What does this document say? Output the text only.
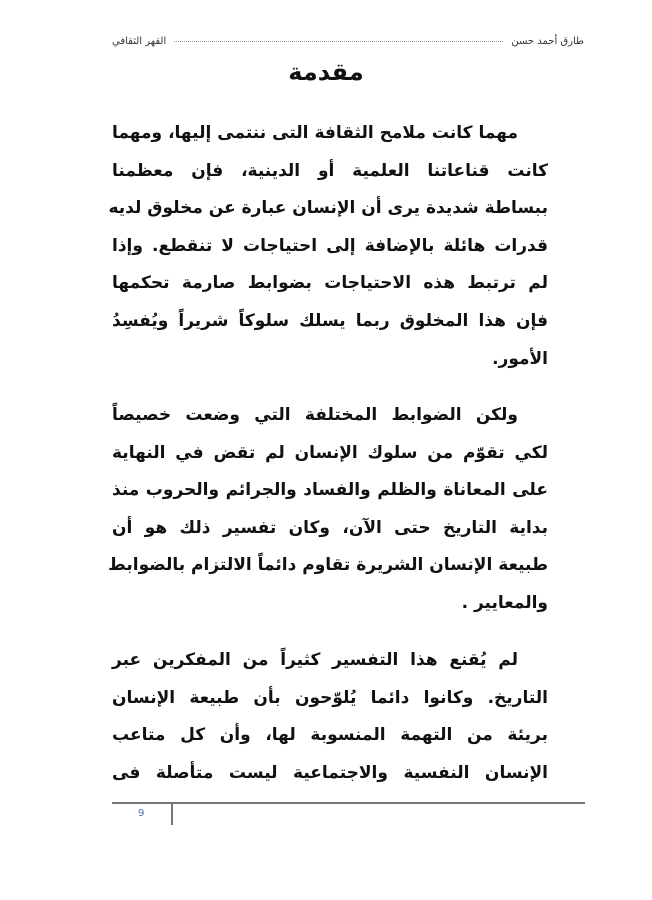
طارق أحمد حسن
القهر الثقافي
مقدمة
مهما كانت ملامح الثقافة التى ننتمى إليها، ومهما
كانت قناعاتنا العلمية أو الدينية، فإن معظمنا
ببساطة شديدة يرى أن الإنسان عبارة عن مخلوق لديه
قدرات هائلة بالإضافة إلى احتياجات لا تنقطع. وإذا
لم ترتبط هذه الاحتياجات بضوابط صارمة تحكمها
فإن هذا المخلوق ربما يسلك سلوكاً شريراً ويُفسِدُ
الأمور.
ولكن الضوابط المختلفة التي وضعت خصيصاً
لكي تقوّم من سلوك الإنسان لم تقض في النهاية
على المعاناة والظلم والفساد والجرائم والحروب منذ
بداية التاريخ حتى الآن، وكان تفسير ذلك هو أن
طبيعة الإنسان الشريرة تقاوم دائماً الالتزام بالضوابط
والمعايير .
لم يُقنع هذا التفسير كثيراً من المفكرين عبر
التاريخ. وكانوا دائما يُلوّحون بأن طبيعة الإنسان
بريئة من التهمة المنسوبة لها، وأن كل متاعب
الإنسان النفسية والاجتماعية ليست متأصلة فى
9
